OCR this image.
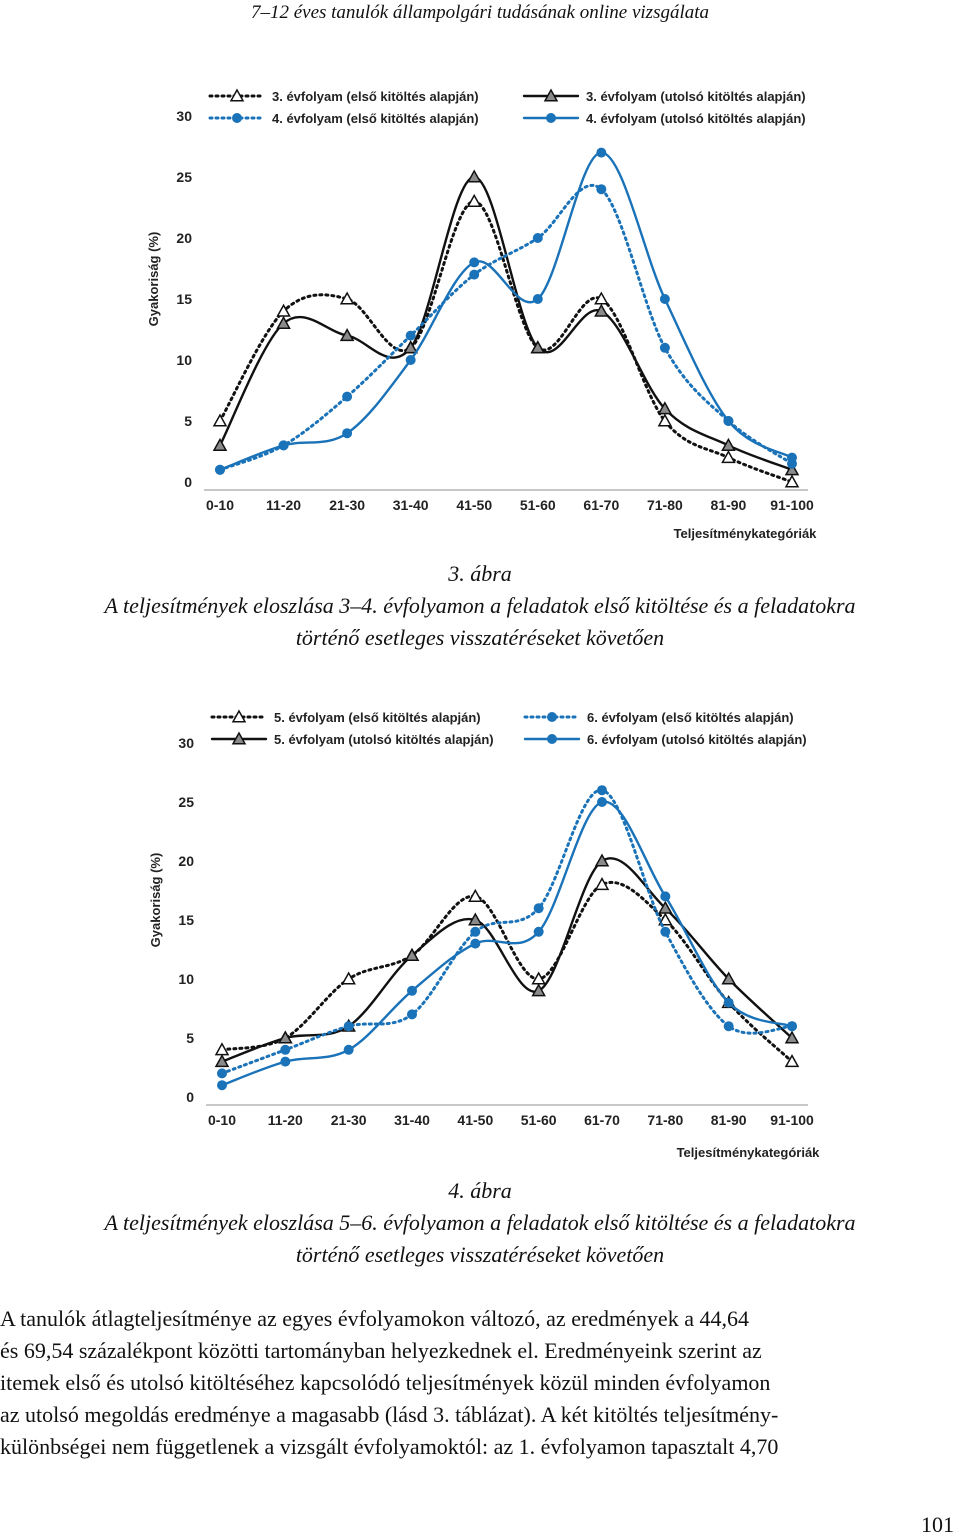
7–12 éves tanulók állampolgári tudásának online vizsgálata
Gyakoriság (%)
0
5
10
15
20
25
30
0-10 11-20 21-30 31-40 41-50 51-60 61-70 71-80 81-90 91-100
Teljesítménykategóriák
3. évfolyam (első kitöltés alapján)	3. évfolyam (utolsó kitöltés alapján)
4. évfolyam (első kitöltés alapján)	4. évfolyam (utolsó kitöltés alapján)
3. ábra
A teljesítmények eloszlása 3–4. évfolyamon a feladatok első kitöltése és a feladatokra
történő esetleges visszatéréseket követően
Gyakoriság (%)
0
5
10
15
20
25
30
0-10 11-20 21-30 31-40 41-50 51-60 61-70 71-80 81-90 91-100
Teljesítménykategóriák
5. évfolyam (első kitöltés alapján)	6. évfolyam (első kitöltés alapján)
5. évfolyam (utolsó kitöltés alapján)	6. évfolyam (utolsó kitöltés alapján)
4. ábra
A teljesítmények eloszlása 5–6. évfolyamon a feladatok első kitöltése és a feladatokra
történő esetleges visszatéréseket követően
A tanulók átlagteljesítménye az egyes évfolyamokon változó, az eredmények a 44,64
és 69,54 százalékpont közötti tartományban helyezkednek el. Eredményeink szerint az
itemek első és utolsó kitöltéséhez kapcsolódó teljesítmények közül minden évfolyamon
az utolsó megoldás eredménye a magasabb (lásd 3. táblázat). A két kitöltés teljesítmény-
különbségei nem függetlenek a vizsgált évfolyamoktól: az 1. évfolyamon tapasztalt 4,70
101
